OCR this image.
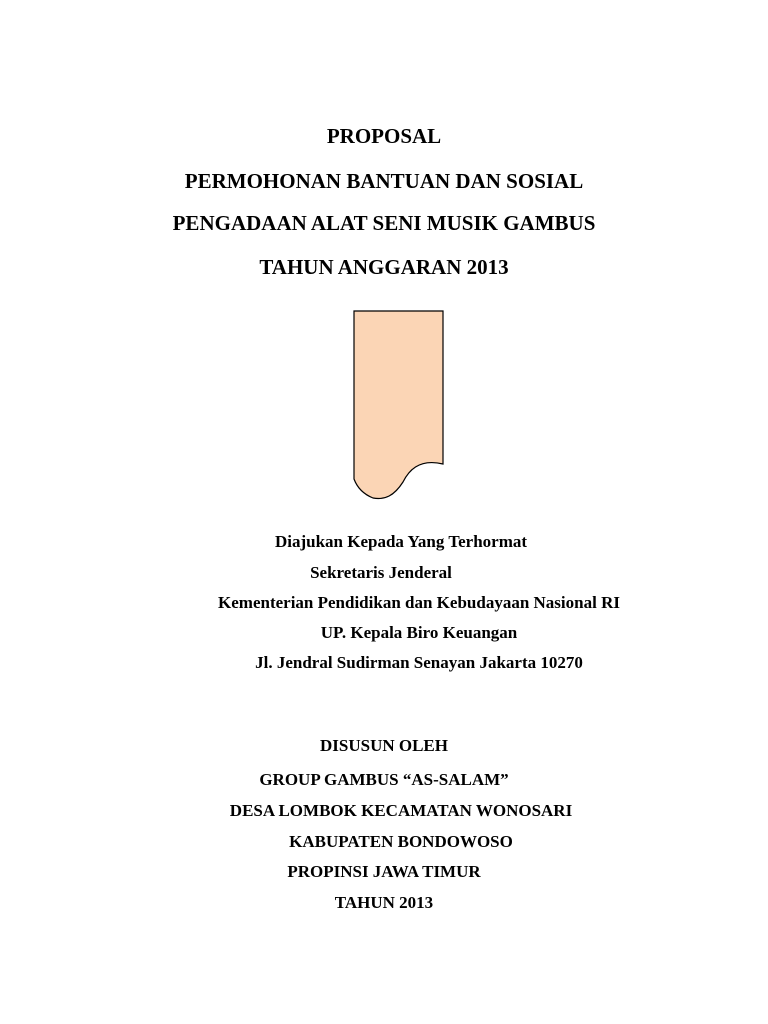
PROPOSAL
PERMOHONAN BANTUAN DAN SOSIAL
PENGADAAN ALAT SENI MUSIK GAMBUS
TAHUN ANGGARAN 2013
Diajukan Kepada Yang Terhormat
Sekretaris Jenderal
Kementerian Pendidikan dan Kebudayaan Nasional RI
UP. Kepala Biro Keuangan
Jl. Jendral Sudirman Senayan Jakarta 10270
DISUSUN OLEH
GROUP GAMBUS “AS-SALAM”
DESA LOMBOK KECAMATAN WONOSARI
KABUPATEN BONDOWOSO
PROPINSI JAWA TIMUR
TAHUN 2013
